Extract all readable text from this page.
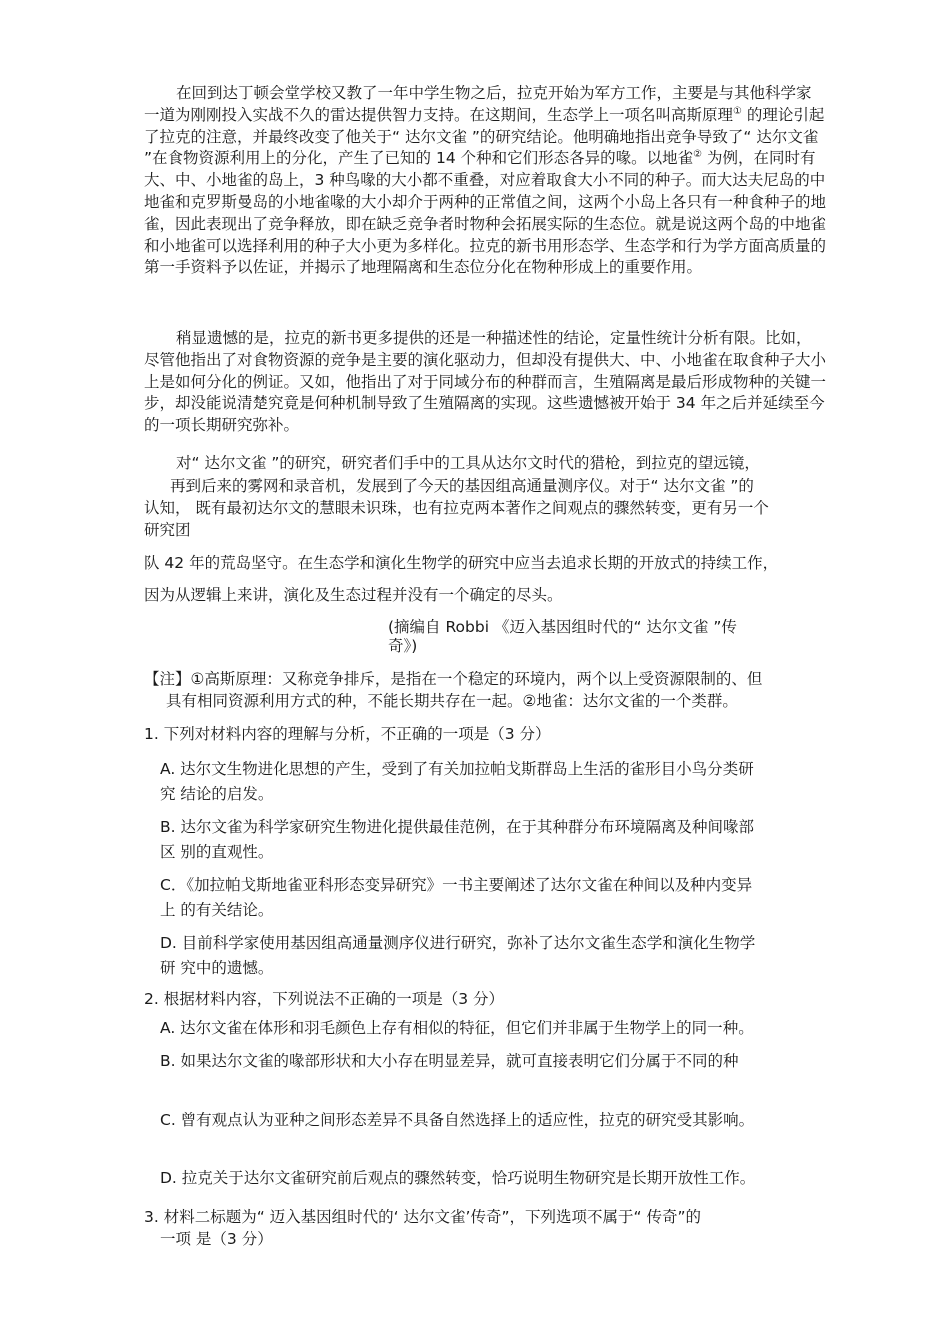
在回到达丁顿会堂学校又教了一年中学生物之后，拉克开始为军方工作，主要是与其他科学家一道为刚刚投入实战不久的雷达提供智力支持。在这期间，生态学上一项名叫高斯原理① 的理论引起了拉克的注意，并最终改变了他关于“ 达尔文雀 ”的研究结论。他明确地指出竞争导致了“ 达尔文雀 ”在食物资源利用上的分化，产生了已知的 14 个种和它们形态各异的喙。以地雀② 为例，在同时有大、中、小地雀的岛上，3 种鸟喙的大小都不重叠，对应着取食大小不同的种子。而大达夫尼岛的中地雀和克罗斯曼岛的小地雀喙的大小却介于两种的正常值之间，这两个小岛上各只有一种食种子的地雀，因此表现出了竞争释放，即在缺乏竞争者时物种会拓展实际的生态位。就是说这两个岛的中地雀和小地雀可以选择利用的种子大小更为多样化。拉克的新书用形态学、生态学和行为学方面高质量的第一手资料予以佐证，并揭示了地理隔离和生态位分化在物种形成上的重要作用。

稍显遗憾的是，拉克的新书更多提供的还是一种描述性的结论，定量性统计分析有限。比如，尽管他指出了对食物资源的竞争是主要的演化驱动力，但却没有提供大、中、小地雀在取食种子大小上是如何分化的例证。又如，他指出了对于同域分布的种群而言，生殖隔离是最后形成物种的关键一步，却没能说清楚究竟是何种机制导致了生殖隔离的实现。这些遗憾被开始于 34 年之后并延续至今的一项长期研究弥补。

对“ 达尔文雀 ”的研究，研究者们手中的工具从达尔文时代的猎枪，到拉克的望远镜，
再到后来的雾网和录音机，发展到了今天的基因组高通量测序仪。对于“ 达尔文雀 ”的
认知， 既有最初达尔文的慧眼未识珠，也有拉克两本著作之间观点的骤然转变，更有另一个
研究团
队 42 年的荒岛坚守。在生态学和演化生物学的研究中应当去追求长期的开放式的持续工作，
因为从逻辑上来讲，演化及生态过程并没有一个确定的尽头。
(摘编自 Robbi 《迈入基因组时代的“ 达尔文雀 ”传
奇》)
【注】①高斯原理：又称竞争排斥，是指在一个稳定的环境内，两个以上受资源限制的、但
具有相同资源利用方式的种，不能长期共存在一起。②地雀：达尔文雀的一个类群。
1. 下列对材料内容的理解与分析，不正确的一项是（3 分）
A. 达尔文生物进化思想的产生，受到了有关加拉帕戈斯群岛上生活的雀形目小鸟分类研
究 结论的启发。
B. 达尔文雀为科学家研究生物进化提供最佳范例，在于其种群分布环境隔离及种间喙部
区 别的直观性。
C．《加拉帕戈斯地雀亚科形态变异研究》一书主要阐述了达尔文雀在种间以及种内变异
上 的有关结论。
D. 目前科学家使用基因组高通量测序仪进行研究，弥补了达尔文雀生态学和演化生物学
研 究中的遗憾。
2. 根据材料内容，下列说法不正确的一项是（3 分）
A. 达尔文雀在体形和羽毛颜色上存有相似的特征，但它们并非属于生物学上的同一种。
B. 如果达尔文雀的喙部形状和大小存在明显差异，就可直接表明它们分属于不同的种
C. 曾有观点认为亚种之间形态差异不具备自然选择上的适应性，拉克的研究受其影响。
D. 拉克关于达尔文雀研究前后观点的骤然转变，恰巧说明生物研究是长期开放性工作。
3. 材料二标题为“ 迈入基因组时代的‘ 达尔文雀’传奇”，下列选项不属于“ 传奇”的
一项 是（3 分）
